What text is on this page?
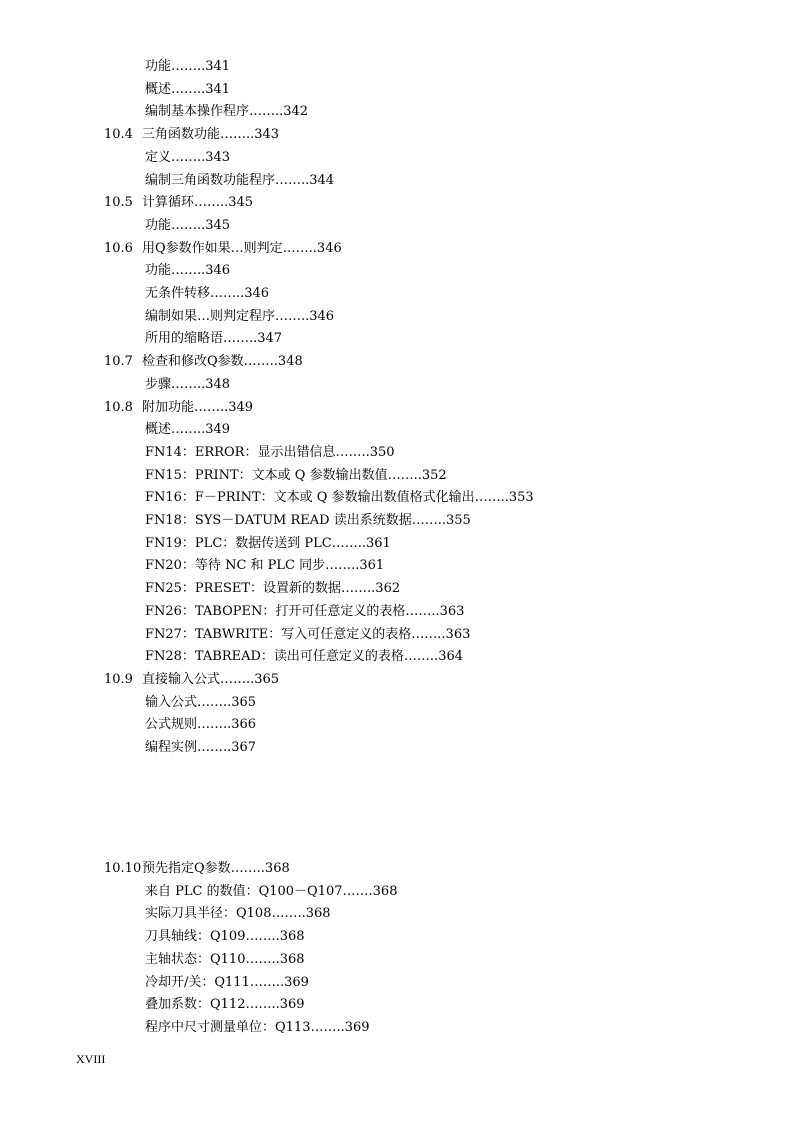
功能……..341
概述……..341
编制基本操作程序……..342
10.4 三角函数功能……..343
定义……..343
编制三角函数功能程序……..344
10.5 计算循环……..345
功能……..345
10.6 用Q参数作如果…则判定……..346
功能……..346
无条件转移……..346
编制如果…则判定程序……..346
所用的缩略语……..347
10.7 检查和修改Q参数……..348
步骤……..348
10.8 附加功能……..349
概述……..349
FN14：ERROR：显示出错信息……..350
FN15：PRINT：文本或 Q 参数输出数值……..352
FN16：F－PRINT：文本或 Q 参数输出数值格式化输出……..353
FN18：SYS－DATUM READ 读出系统数据……..355
FN19：PLC：数据传送到 PLC……..361
FN20：等待 NC 和 PLC 同步……..361
FN25：PRESET：设置新的数据……..362
FN26：TABOPEN：打开可任意定义的表格……..363
FN27：TABWRITE：写入可任意定义的表格……..363
FN28：TABREAD：读出可任意定义的表格……..364
10.9 直接输入公式……..365
输入公式……..365
公式规则……..366
编程实例……..367
10.10预先指定Q参数……..368
来自 PLC 的数值：Q100－Q107…….368
实际刀具半径：Q108……..368
刀具轴线：Q109……..368
主轴状态：Q110……..368
冷却开/关：Q111……..369
叠加系数：Q112……..369
程序中尺寸测量单位：Q113……..369
XVIII
